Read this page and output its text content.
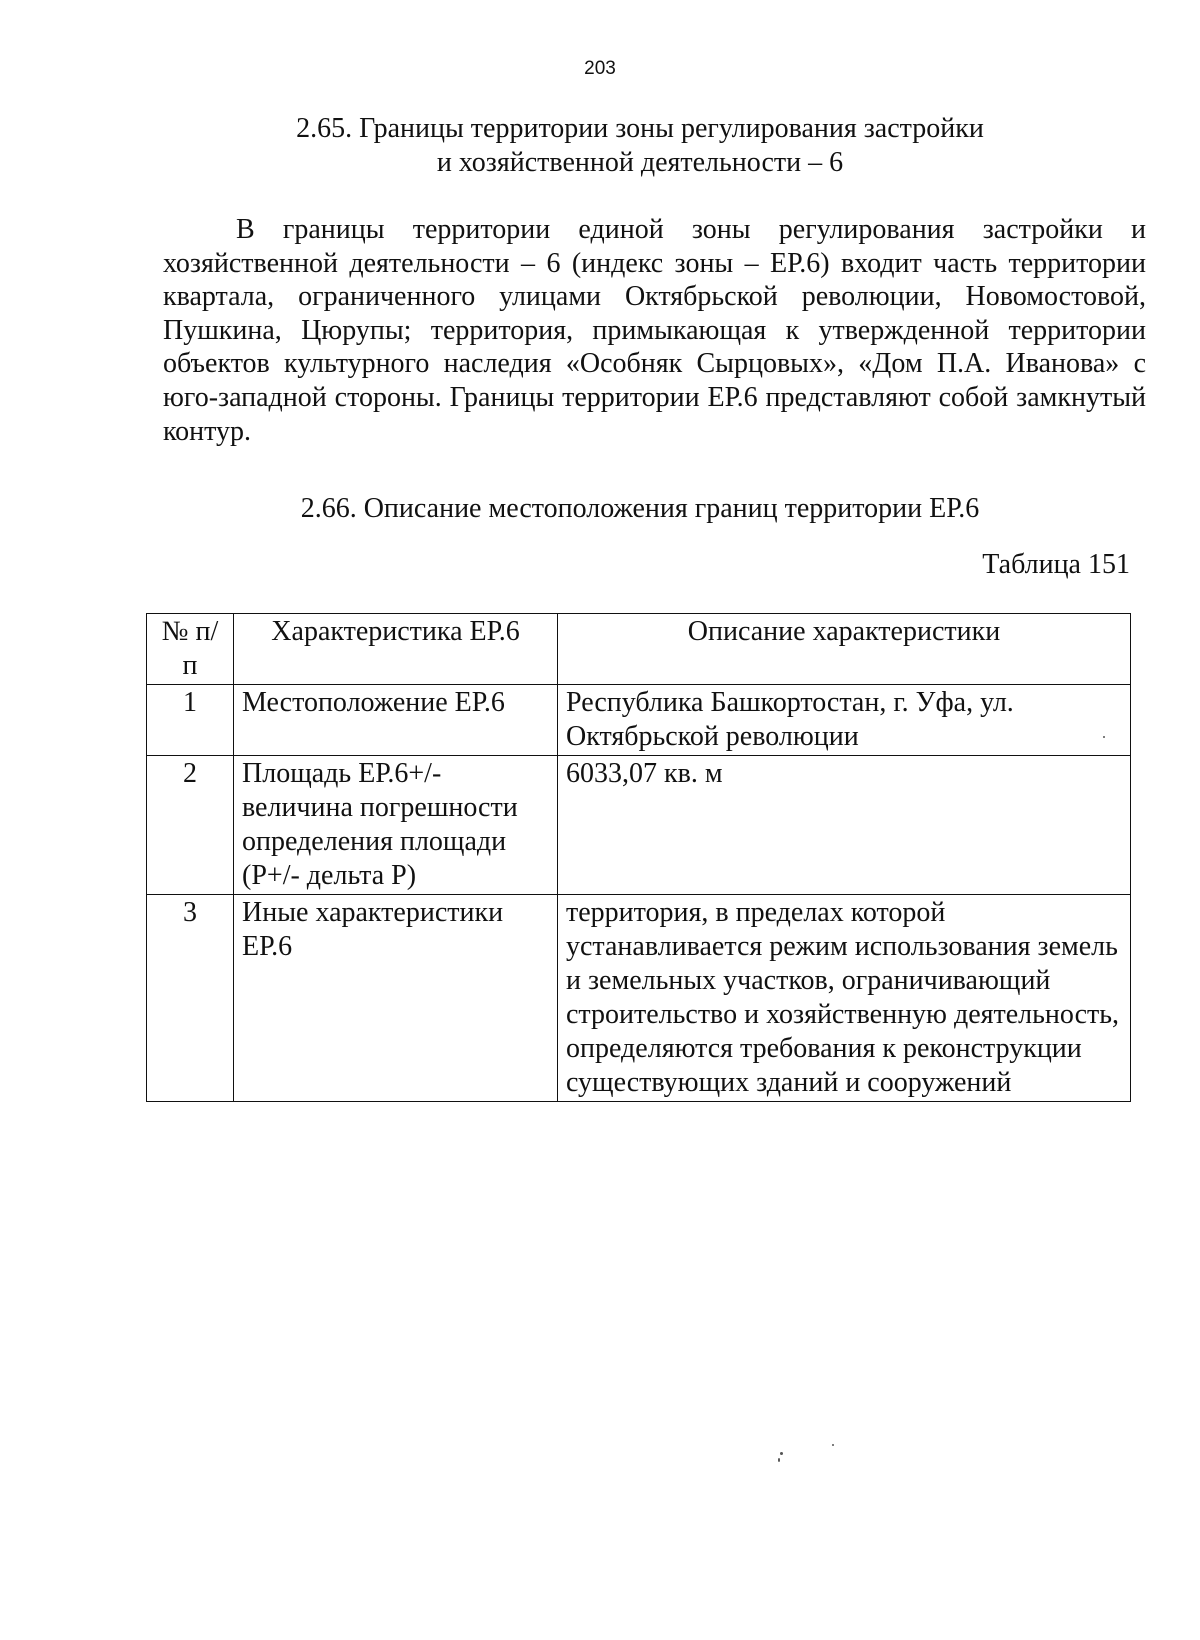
203
2.65. Границы территории зоны регулирования застройки
и хозяйственной деятельности – 6

В границы территории единой зоны регулирования застройки и хозяйственной деятельности – 6 (индекс зоны – ЕР.6) входит часть территории квартала, ограниченного улицами Октябрьской революции, Новомостовой, Пушкина, Цюрупы; территория, примыкающая к утвержденной территории объектов культурного наследия «Особняк Сырцовых», «Дом П.А. Иванова» с юго-западной стороны. Границы территории ЕР.6 представляют собой замкнутый контур.

2.66. Описание местоположения границ территории ЕР.6
Таблица 151
№ п/п	Характеристика ЕР.6	Описание характеристики
1	Местоположение ЕР.6	Республика Башкортостан, г. Уфа, ул. Октябрьской революции
2	Площадь ЕР.6+/- величина погрешности определения площади (Р+/- дельта Р)	6033,07 кв. м
3	Иные характеристики ЕР.6	территория, в пределах которой устанавливается режим использования земель и земельных участков, ограничивающий строительство и хозяйственную деятельность, определяются требования к реконструкции существующих зданий и сооружений
